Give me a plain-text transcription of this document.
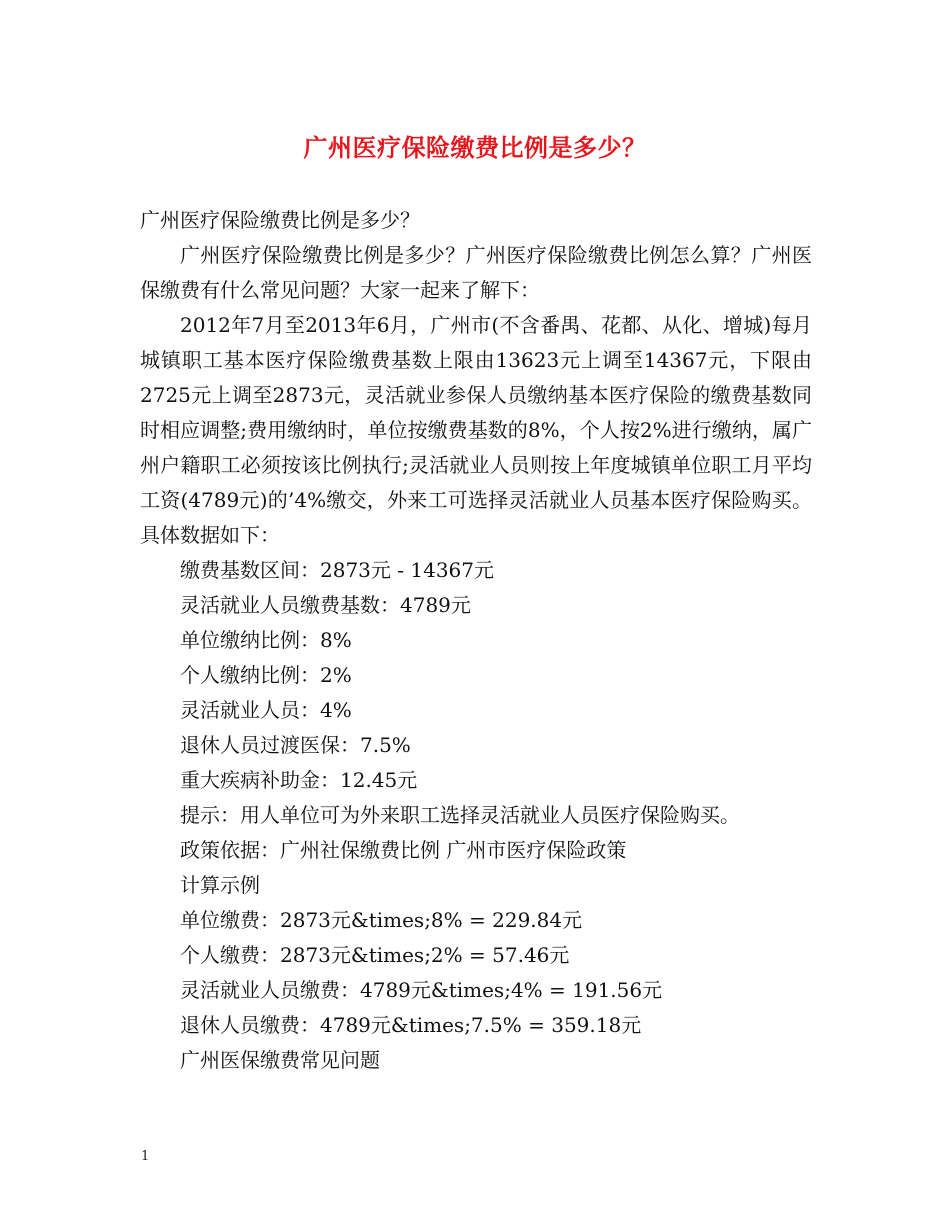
广州医疗保险缴费比例是多少？

广州医疗保险缴费比例是多少？

广州医疗保险缴费比例是多少？广州医疗保险缴费比例怎么算？广州医保缴费有什么常见问题？大家一起来了解下：

2012年7月至2013年6月，广州市(不含番禺、花都、从化、增城)每月城镇职工基本医疗保险缴费基数上限由13623元上调至14367元，下限由2725元上调至2873元，灵活就业参保人员缴纳基本医疗保险的缴费基数同时相应调整;费用缴纳时，单位按缴费基数的8%，个人按2%进行缴纳，属广州户籍职工必须按该比例执行;灵活就业人员则按上年度城镇单位职工月平均工资(4789元)的’4%缴交，外来工可选择灵活就业人员基本医疗保险购买。具体数据如下：

缴费基数区间：2873元 - 14367元

灵活就业人员缴费基数：4789元

单位缴纳比例：8%

个人缴纳比例：2%

灵活就业人员：4%

退休人员过渡医保：7.5%

重大疾病补助金：12.45元

提示：用人单位可为外来职工选择灵活就业人员医疗保险购买。

政策依据：广州社保缴费比例 广州市医疗保险政策

计算示例

单位缴费：2873元&times;8% = 229.84元

个人缴费：2873元&times;2% = 57.46元

灵活就业人员缴费：4789元&times;4% = 191.56元

退休人员缴费：4789元&times;7.5% = 359.18元

广州医保缴费常见问题

1
